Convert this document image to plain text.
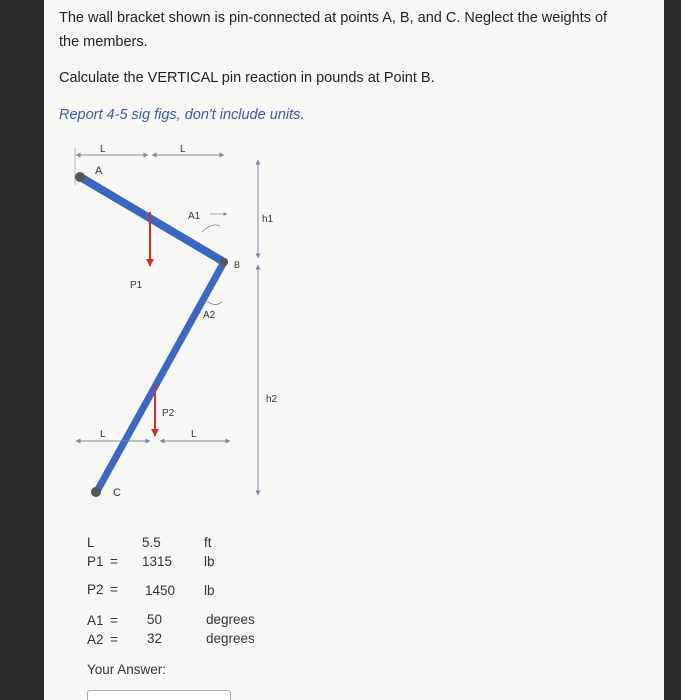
The wall bracket shown is pin-connected at points A, B, and C. Neglect the weights of the members.
Calculate the VERTICAL pin reaction in pounds at Point B.
Report 4-5 sig figs, don't include units.
L	L
h1
h2
A
B
C
A1
A2
P1
P2
L	L
L	5.5	ft
P1 = 1315 lb
P2 = 1450 lb
A1 = 50	degrees
A2 = 32	degrees
Your Answer:
